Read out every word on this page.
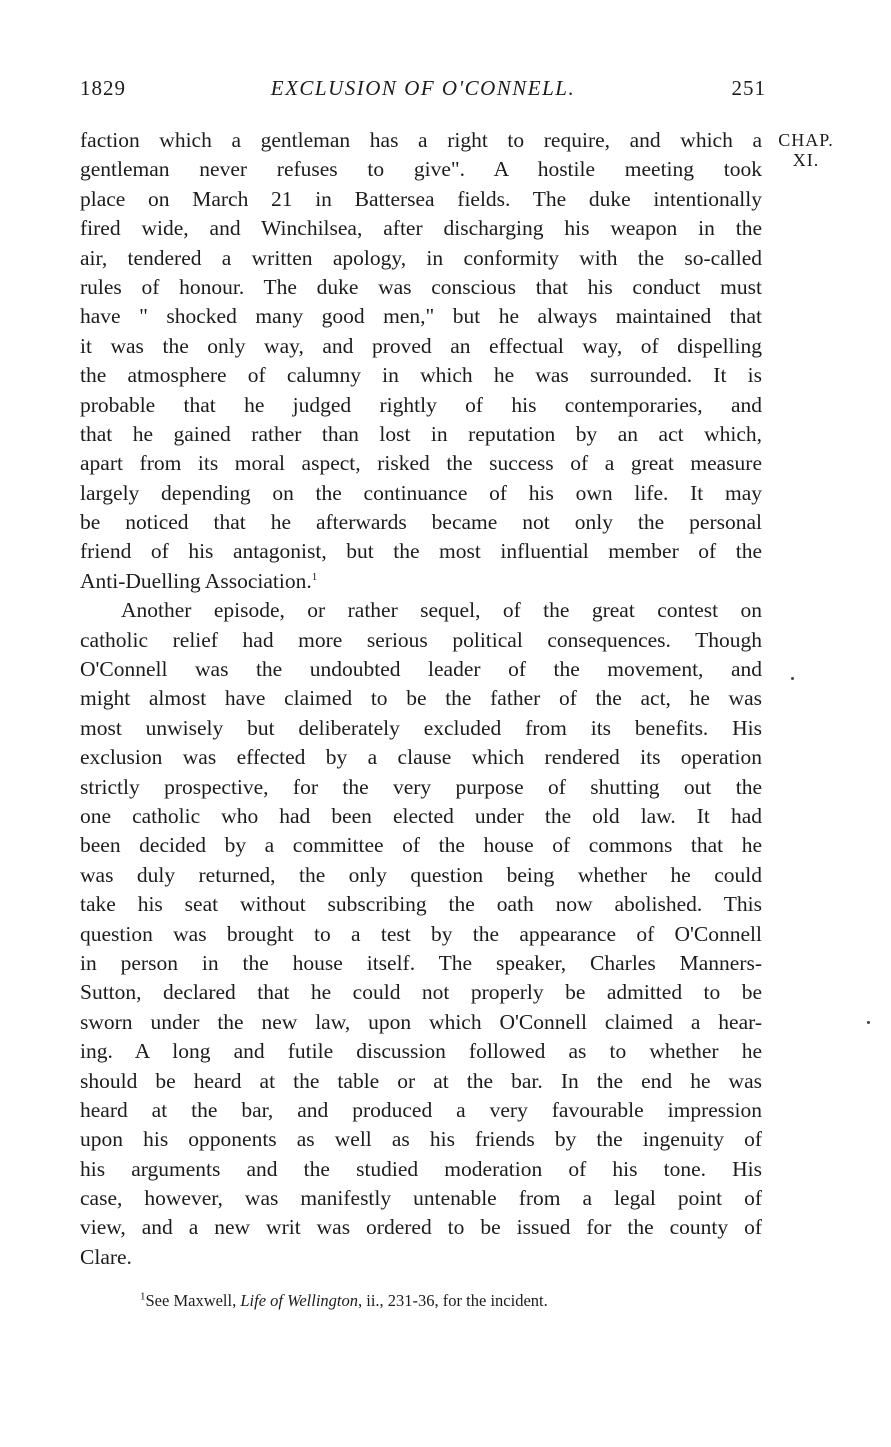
1829	EXCLUSION OF O'CONNELL.	251
CHAP.
XI.
faction which a gentleman has a right to require, and which a
gentleman never refuses to give". A hostile meeting took
place on March 21 in Battersea fields. The duke intentionally
fired wide, and Winchilsea, after discharging his weapon in the
air, tendered a written apology, in conformity with the so-called
rules of honour. The duke was conscious that his conduct must
have " shocked many good men," but he always maintained that
it was the only way, and proved an effectual way, of dispelling
the atmosphere of calumny in which he was surrounded. It is
probable that he judged rightly of his contemporaries, and
that he gained rather than lost in reputation by an act which,
apart from its moral aspect, risked the success of a great measure
largely depending on the continuance of his own life. It may
be noticed that he afterwards became not only the personal
friend of his antagonist, but the most influential member of the
Anti-Duelling Association.$^1$
Another episode, or rather sequel, of the great contest on
catholic relief had more serious political consequences. Though
O'Connell was the undoubted leader of the movement, and
might almost have claimed to be the father of the act, he was
most unwisely but deliberately excluded from its benefits. His
exclusion was effected by a clause which rendered its operation
strictly prospective, for the very purpose of shutting out the
one catholic who had been elected under the old law. It had
been decided by a committee of the house of commons that he
was duly returned, the only question being whether he could
take his seat without subscribing the oath now abolished. This
question was brought to a test by the appearance of O'Connell
in person in the house itself. The speaker, Charles Manners-
Sutton, declared that he could not properly be admitted to be
sworn under the new law, upon which O'Connell claimed a hear-
ing. A long and futile discussion followed as to whether he
should be heard at the table or at the bar. In the end he was
heard at the bar, and produced a very favourable impression
upon his opponents as well as his friends by the ingenuity of
his arguments and the studied moderation of his tone. His
case, however, was manifestly untenable from a legal point of
view, and a new writ was ordered to be issued for the county of
Clare.
$^1$See Maxwell, Life of Wellington, ii., 231-36, for the incident.
